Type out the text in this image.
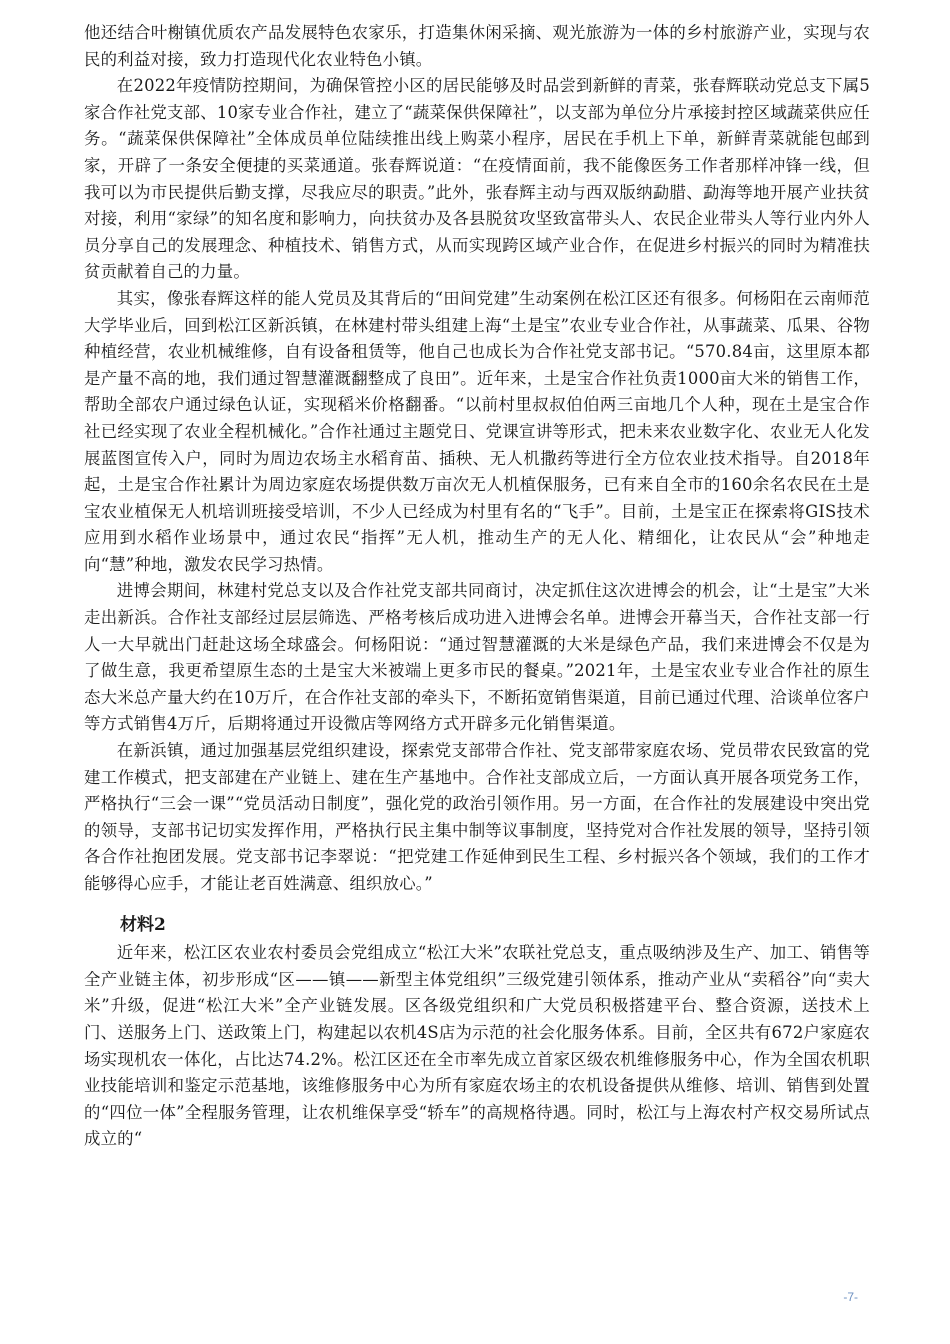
他还结合叶榭镇优质农产品发展特色农家乐，打造集休闲采摘、观光旅游为一体的乡村旅游产业，实现与农民的利益对接，致力打造现代化农业特色小镇。

在2022年疫情防控期间，为确保管控小区的居民能够及时品尝到新鲜的青菜，张春辉联动党总支下属5家合作社党支部、10家专业合作社，建立了“蔬菜保供保障社”，以支部为单位分片承接封控区域蔬菜供应任务。“蔬菜保供保障社”全体成员单位陆续推出线上购菜小程序，居民在手机上下单，新鲜青菜就能包邮到家，开辟了一条安全便捷的买菜通道。张春辉说道：“在疫情面前，我不能像医务工作者那样冲锋一线，但我可以为市民提供后勤支撑，尽我应尽的职责。”此外，张春辉主动与西双版纳勐腊、勐海等地开展产业扶贫对接，利用“家绿”的知名度和影响力，向扶贫办及各县脱贫攻坚致富带头人、农民企业带头人等行业内外人员分享自己的发展理念、种植技术、销售方式，从而实现跨区域产业合作，在促进乡村振兴的同时为精准扶贫贡献着自己的力量。

其实，像张春辉这样的能人党员及其背后的“田间党建”生动案例在松江区还有很多。何杨阳在云南师范大学毕业后，回到松江区新浜镇，在林建村带头组建上海“土是宝”农业专业合作社，从事蔬菜、瓜果、谷物种植经营，农业机械维修，自有设备租赁等，他自己也成长为合作社党支部书记。“570.84亩，这里原本都是产量不高的地，我们通过智慧灌溉翻整成了良田”。近年来，土是宝合作社负责1000亩大米的销售工作，帮助全部农户通过绿色认证，实现稻米价格翻番。“以前村里叔叔伯伯两三亩地几个人种，现在土是宝合作社已经实现了农业全程机械化。”合作社通过主题党日、党课宣讲等形式，把未来农业数字化、农业无人化发展蓝图宣传入户，同时为周边农场主水稻育苗、插秧、无人机撒药等进行全方位农业技术指导。自2018年起，土是宝合作社累计为周边家庭农场提供数万亩次无人机植保服务，已有来自全市的160余名农民在土是宝农业植保无人机培训班接受培训，不少人已经成为村里有名的“飞手”。目前，土是宝正在探索将GIS技术应用到水稻作业场景中，通过农民“指挥”无人机，推动生产的无人化、精细化，让农民从“会”种地走向“慧”种地，激发农民学习热情。

进博会期间，林建村党总支以及合作社党支部共同商讨，决定抓住这次进博会的机会，让“土是宝”大米走出新浜。合作社支部经过层层筛选、严格考核后成功进入进博会名单。进博会开幕当天，合作社支部一行人一大早就出门赶赴这场全球盛会。何杨阳说：“通过智慧灌溉的大米是绿色产品，我们来进博会不仅是为了做生意，我更希望原生态的土是宝大米被端上更多市民的餐桌。”2021年，土是宝农业专业合作社的原生态大米总产量大约在10万斤，在合作社支部的牵头下，不断拓宽销售渠道，目前已通过代理、洽谈单位客户等方式销售4万斤，后期将通过开设微店等网络方式开辟多元化销售渠道。

在新浜镇，通过加强基层党组织建设，探索党支部带合作社、党支部带家庭农场、党员带农民致富的党建工作模式，把支部建在产业链上、建在生产基地中。合作社支部成立后，一方面认真开展各项党务工作，严格执行“三会一课”“党员活动日制度”，强化党的政治引领作用。另一方面，在合作社的发展建设中突出党的领导，支部书记切实发挥作用，严格执行民主集中制等议事制度，坚持党对合作社发展的领导，坚持引领各合作社抱团发展。党支部书记李翠说：“把党建工作延伸到民生工程、乡村振兴各个领域，我们的工作才能够得心应手，才能让老百姓满意、组织放心。”

材料2

近年来，松江区农业农村委员会党组成立“松江大米”农联社党总支，重点吸纳涉及生产、加工、销售等全产业链主体，初步形成“区——镇——新型主体党组织”三级党建引领体系，推动产业从“卖稻谷”向“卖大米”升级，促进“松江大米”全产业链发展。区各级党组织和广大党员积极搭建平台、整合资源，送技术上门、送服务上门、送政策上门，构建起以农机4S店为示范的社会化服务体系。目前，全区共有672户家庭农场实现机农一体化，占比达74.2%。松江区还在全市率先成立首家区级农机维修服务中心，作为全国农机职业技能培训和鉴定示范基地，该维修服务中心为所有家庭农场主的农机设备提供从维修、培训、销售到处置的“四位一体”全程服务管理，让农机维保享受“轿车”的高规格待遇。同时，松江与上海农村产权交易所试点成立的“

-7-
